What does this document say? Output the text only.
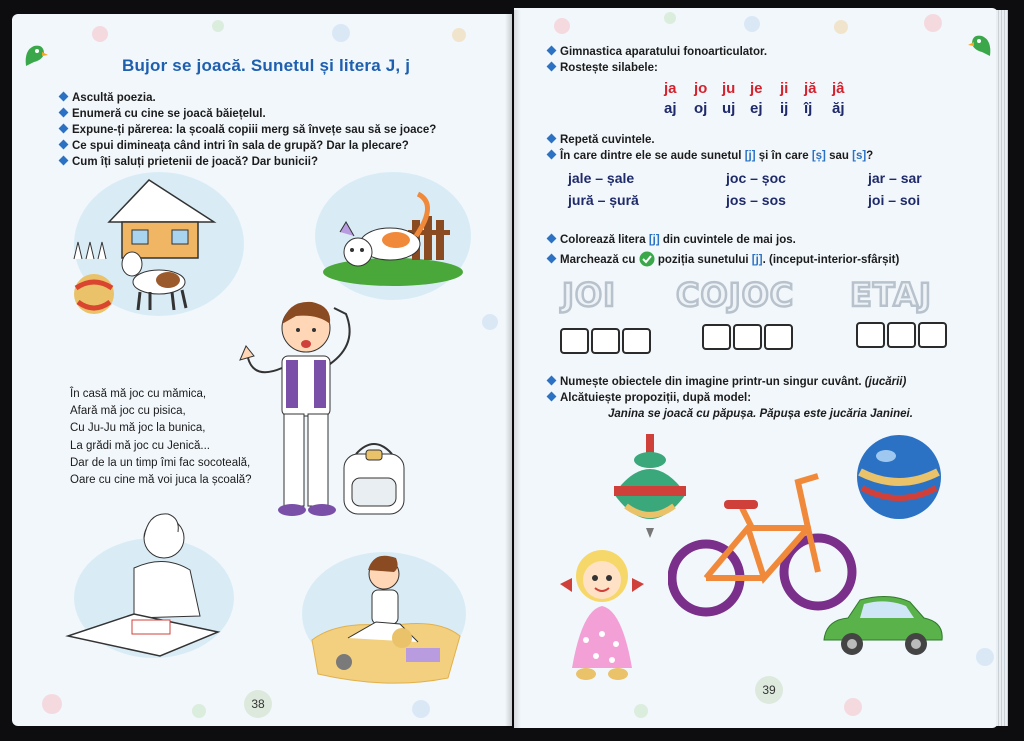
Bujor se joacă. Sunetul și litera J, j
Ascultă poezia.
Enumeră cu cine se joacă băiețelul.
Expune-ți părerea: la școală copiii merg să învețe sau să se joace?
Ce spui dimineața când intri în sala de grupă? Dar la plecare?
Cum îți saluți prietenii de joacă? Dar bunicii?
În casă mă joc cu mămica,
Afară mă joc cu pisica,
Cu Ju-Ju mă joc la bunica,
La grădi mă joc cu Jenică...
Dar de la un timp îmi fac socoteală,
Oare cu cine mă voi juca la școală?
38
Gimnastica aparatului fonoarticulator.
Rostește silabele:
ja jo ju je ji jă jâ
aj oj uj ej ij îj ăj
Repetă cuvintele.
În care dintre ele se aude sunetul [j] și în care [ș] sau [s]?
jale – șale	joc – șoc	jar – sar
jură – șură	jos – sos	joi – soi
Colorează litera [j] din cuvintele de mai jos.
Marchează cu  poziția sunetului [j]. (inceput-interior-sfârșit)
JOI COJOC ETAJ
Numește obiectele din imagine printr-un singur cuvânt. (jucării)
Alcătuiește propoziții, după model:
Janina se joacă cu păpușa. Păpușa este jucăria Janinei.
39
